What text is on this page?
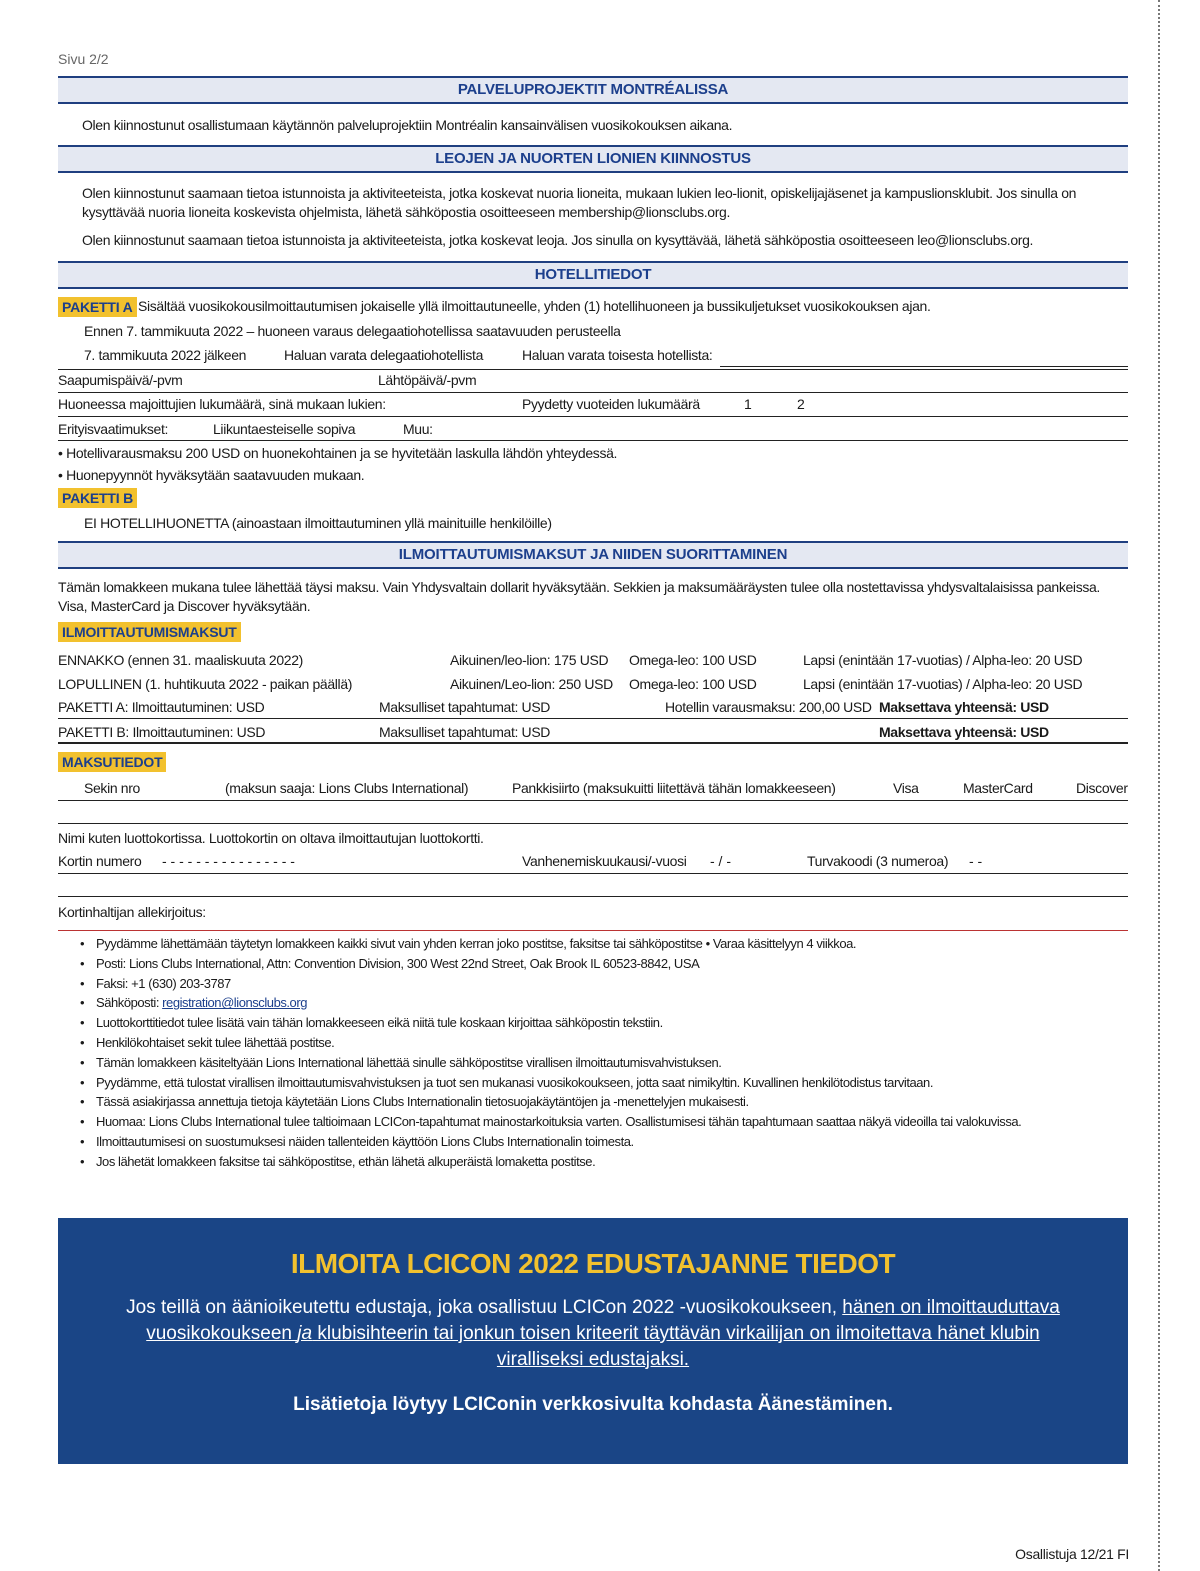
Sivu 2/2
PALVELUPROJEKTIT MONTRÉALISSA
Olen kiinnostunut osallistumaan käytännön palveluprojektiin Montréalin kansainvälisen vuosikokouksen aikana.
LEOJEN JA NUORTEN LIONIEN KIINNOSTUS
Olen kiinnostunut saamaan tietoa istunnoista ja aktiviteeteista, jotka koskevat nuoria lioneita, mukaan lukien leo-lionit, opiskelijajäsenet ja kampuslionsklubit. Jos sinulla on kysyttävää nuoria lioneita koskevista ohjelmista, lähetä sähköpostia osoitteeseen membership@lionsclubs.org.
Olen kiinnostunut saamaan tietoa istunnoista ja aktiviteeteista, jotka koskevat leoja. Jos sinulla on kysyttävää, lähetä sähköpostia osoitteeseen leo@lionsclubs.org.
HOTELLITIEDOT
PAKETTI A Sisältää vuosikokousilmoittautumisen jokaiselle yllä ilmoittautuneelle, yhden (1) hotellihuoneen ja bussikuljetukset vuosikokouksen ajan.
Ennen 7. tammikuuta 2022 – huoneen varaus delegaatiohotellissa saatavuuden perusteella
7. tammikuuta 2022 jälkeen	Haluan varata delegaatiohotellista	Haluan varata toisesta hotellista:
Saapumispäivä/-pvm	Lähtöpäivä/-pvm
Huoneessa majoittujien lukumäärä, sinä mukaan lukien:	Pyydetty vuoteiden lukumäärä	1	2
Erityisvaatimukset:	Liikuntaesteiselle sopiva	Muu:
• Hotellivarausmaksu 200 USD on huonekohtainen ja se hyvitetään laskulla lähdön yhteydessä.
• Huonepyynnöt hyväksytään saatavuuden mukaan.
PAKETTI B
EI HOTELLIHUONETTA (ainoastaan ilmoittautuminen yllä mainituille henkilöille)
ILMOITTAUTUMISMAKSUT JA NIIDEN SUORITTAMINEN
Tämän lomakkeen mukana tulee lähettää täysi maksu. Vain Yhdysvaltain dollarit hyväksytään. Sekkien ja maksumääräysten tulee olla nostettavissa yhdysvaltalaisissa pankeissa. Visa, MasterCard ja Discover hyväksytään.
ILMOITTAUTUMISMAKSUT
ENNAKKO (ennen 31. maaliskuuta 2022)	Aikuinen/leo-lion: 175 USD Omega-leo: 100 USD	Lapsi (enintään 17-vuotias) / Alpha-leo: 20 USD
LOPULLINEN (1. huhtikuuta 2022 - paikan päällä)	Aikuinen/Leo-lion: 250 USD Omega-leo: 100 USD	Lapsi (enintään 17-vuotias) / Alpha-leo: 20 USD
PAKETTI A: Ilmoittautuminen: USD	Maksulliset tapahtumat: USD	Hotellin varausmaksu: 200,00 USD Maksettava yhteensä: USD
PAKETTI B: Ilmoittautuminen: USD	Maksulliset tapahtumat: USD	Maksettava yhteensä: USD
MAKSUTIEDOT
Sekin nro	(maksun saaja: Lions Clubs International)	Pankkisiirto (maksukuitti liitettävä tähän lomakkeeseen)	Visa	MasterCard	Discover
Nimi kuten luottokortissa. Luottokortin on oltava ilmoittautujan luottokortti.
Kortin numero - - - - - - - - - - - - - - - -	Vanhenemiskuukausi/-vuosi - / -	Turvakoodi (3 numeroa) - -
Kortinhaltijan allekirjoitus:
• Pyydämme lähettämään täytetyn lomakkeen kaikki sivut vain yhden kerran joko postitse, faksitse tai sähköpostitse • Varaa käsittelyyn 4 viikkoa.
• Posti: Lions Clubs International, Attn: Convention Division, 300 West 22nd Street, Oak Brook IL 60523-8842, USA
• Faksi: +1 (630) 203-3787
• Sähköposti: registration@lionsclubs.org
• Luottokorttitiedot tulee lisätä vain tähän lomakkeeseen eikä niitä tule koskaan kirjoittaa sähköpostin tekstiin.
• Henkilökohtaiset sekit tulee lähettää postitse.
• Tämän lomakkeen käsiteltyään Lions International lähettää sinulle sähköpostitse virallisen ilmoittautumisvahvistuksen.
• Pyydämme, että tulostat virallisen ilmoittautumisvahvistuksen ja tuot sen mukanasi vuosikokoukseen, jotta saat nimikyltin. Kuvallinen henkilötodistus tarvitaan.
• Tässä asiakirjassa annettuja tietoja käytetään Lions Clubs Internationalin tietosuojakäytäntöjen ja -menettelyjen mukaisesti.
• Huomaa: Lions Clubs International tulee taltioimaan LCICon-tapahtumat mainostarkoituksia varten. Osallistumisesi tähän tapahtumaan saattaa näkyä videoilla tai valokuvissa.
• Ilmoittautumisesi on suostumuksesi näiden tallenteiden käyttöön Lions Clubs Internationalin toimesta.
• Jos lähetät lomakkeen faksitse tai sähköpostitse, ethän lähetä alkuperäistä lomaketta postitse.
ILMOITA LCICON 2022 EDUSTAJANNE TIEDOT
Jos teillä on äänioikeutettu edustaja, joka osallistuu LCICon 2022 -vuosikokoukseen, hänen on ilmoittauduttava vuosikokoukseen ja klubisihteerin tai jonkun toisen kriteerit täyttävän virkailijan on ilmoitettava hänet klubin viralliseksi edustajaksi.
Lisätietoja löytyy LCIConin verkkosivulta kohdasta Äänestäminen.
Osallistuja 12/21 FI
